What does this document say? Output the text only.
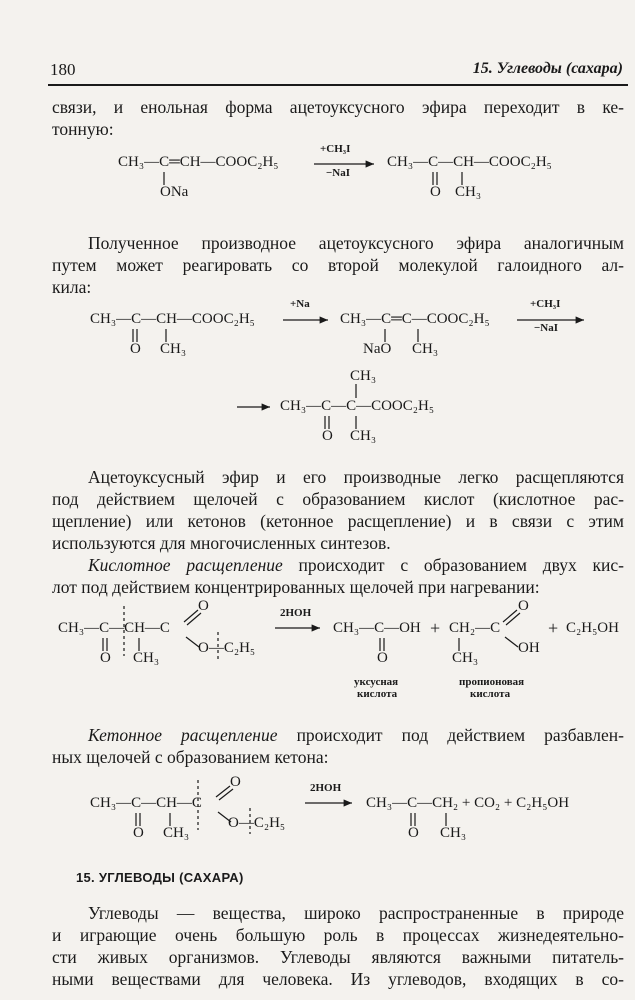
180	15. Углеводы (сахара)
связи, и енольная форма ацетоуксусного эфира переходит в ке-
тонную:
CH₃—C═CH—COOC₂H₅
ONa
+CH₃I
−NaI
CH₃—C—CH—COOC₂H₅
O CH₃
Полученное производное ацетоуксусного эфира аналогичным
путем может реагировать со второй молекулой галоидного ал-
кила:
CH₃—C—CH—COOC₂H₅
O CH₃
+Na
CH₃—C═C—COOC₂H₅
NaO CH₃
+CH₃I
−NaI
CH₃
CH₃—C—C—COOC₂H₅
O CH₃
Ацетоуксусный эфир и его производные легко расщепляются
под действием щелочей с образованием кислот (кислотное рас-
щепление) или кетонов (кетонное расщепление) и в связи с этим
используются для многочисленных синтезов.
Кислотное расщепление происходит с образованием двух кис-
лот под действием концентрированных щелочей при нагревании:
CH₃—C—CH—C
O
O CH₃
O—C₂H₅
2HOH
CH₃—C—OH
O
+ CH₂—C
O
OH
CH₃
+ C₂H₅OH
уксусная
кислота
пропионовая
кислота
Кетонное расщепление происходит под действием разбавлен-
ных щелочей с образованием кетона:
CH₃—C—CH—C
O
O CH₃
O—C₂H₅
2HOH
CH₃—C—CH₂ + CO₂ + C₂H₅OH
O CH₃
15. УГЛЕВОДЫ (САХАРА)
Углеводы — вещества, широко распространенные в природе
и играющие очень большую роль в процессах жизнедеятельно-
сти живых организмов. Углеводы являются важными питатель-
ными веществами для человека. Из углеводов, входящих в со-
